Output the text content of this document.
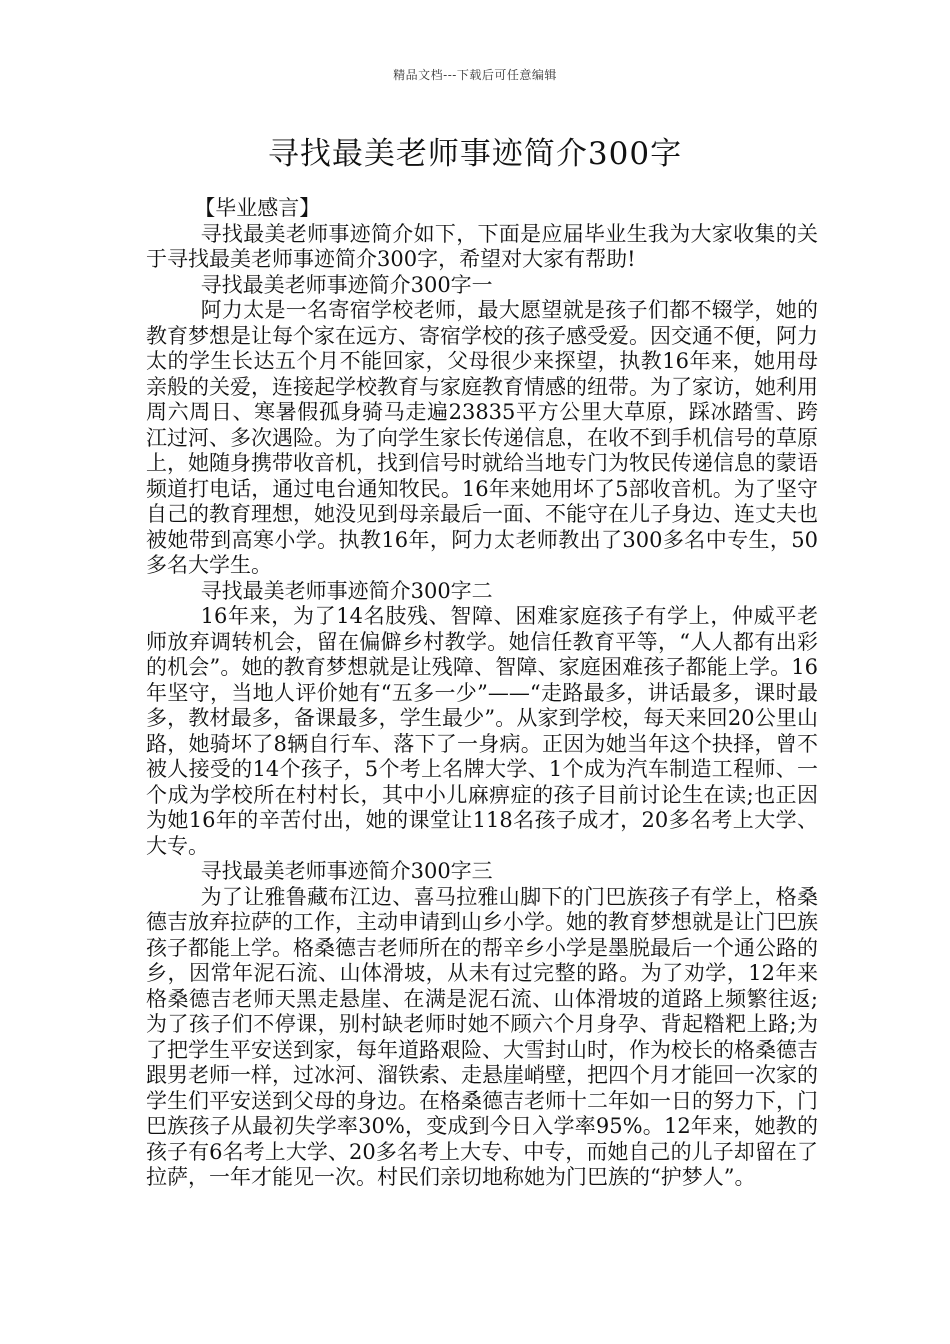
精品文档---下载后可任意编辑
寻找最美老师事迹简介300字

【毕业感言】

寻找最美老师事迹简介如下，下面是应届毕业生我为大家收集的关于寻找最美老师事迹简介300字，希望对大家有帮助!

寻找最美老师事迹简介300字一

阿力太是一名寄宿学校老师，最大愿望就是孩子们都不辍学，她的教育梦想是让每个家在远方、寄宿学校的孩子感受爱。因交通不便，阿力太的学生长达五个月不能回家，父母很少来探望，执教16年来，她用母亲般的关爱，连接起学校教育与家庭教育情感的纽带。为了家访，她利用周六周日、寒暑假孤身骑马走遍23835平方公里大草原，踩冰踏雪、跨江过河、多次遇险。为了向学生家长传递信息，在收不到手机信号的草原上，她随身携带收音机，找到信号时就给当地专门为牧民传递信息的蒙语频道打电话，通过电台通知牧民。16年来她用坏了5部收音机。为了坚守自己的教育理想，她没见到母亲最后一面、不能守在儿子身边、连丈夫也被她带到高寒小学。执教16年，阿力太老师教出了300多名中专生，50多名大学生。

寻找最美老师事迹简介300字二

16年来，为了14名肢残、智障、困难家庭孩子有学上，仲威平老师放弃调转机会，留在偏僻乡村教学。她信任教育平等，“人人都有出彩的机会”。她的教育梦想就是让残障、智障、家庭困难孩子都能上学。16年坚守，当地人评价她有“五多一少”——“走路最多，讲话最多，课时最多，教材最多，备课最多，学生最少”。从家到学校，每天来回20公里山路，她骑坏了8辆自行车、落下了一身病。正因为她当年这个抉择，曾不被人接受的14个孩子，5个考上名牌大学、1个成为汽车制造工程师、一个成为学校所在村村长，其中小儿麻痹症的孩子目前讨论生在读;也正因为她16年的辛苦付出，她的课堂让118名孩子成才，20多名考上大学、大专。

寻找最美老师事迹简介300字三

为了让雅鲁藏布江边、喜马拉雅山脚下的门巴族孩子有学上，格桑德吉放弃拉萨的工作，主动申请到山乡小学。她的教育梦想就是让门巴族孩子都能上学。格桑德吉老师所在的帮辛乡小学是墨脱最后一个通公路的乡，因常年泥石流、山体滑坡，从未有过完整的路。为了劝学，12年来格桑德吉老师天黑走悬崖、在满是泥石流、山体滑坡的道路上频繁往返;为了孩子们不停课，别村缺老师时她不顾六个月身孕、背起糌粑上路;为了把学生平安送到家，每年道路艰险、大雪封山时，作为校长的格桑德吉跟男老师一样，过冰河、溜铁索、走悬崖峭壁，把四个月才能回一次家的学生们平安送到父母的身边。在格桑德吉老师十二年如一日的努力下，门巴族孩子从最初失学率30%，变成到今日入学率95%。12年来，她教的孩子有6名考上大学、20多名考上大专、中专，而她自己的儿子却留在了拉萨，一年才能见一次。村民们亲切地称她为门巴族的“护梦人”。
